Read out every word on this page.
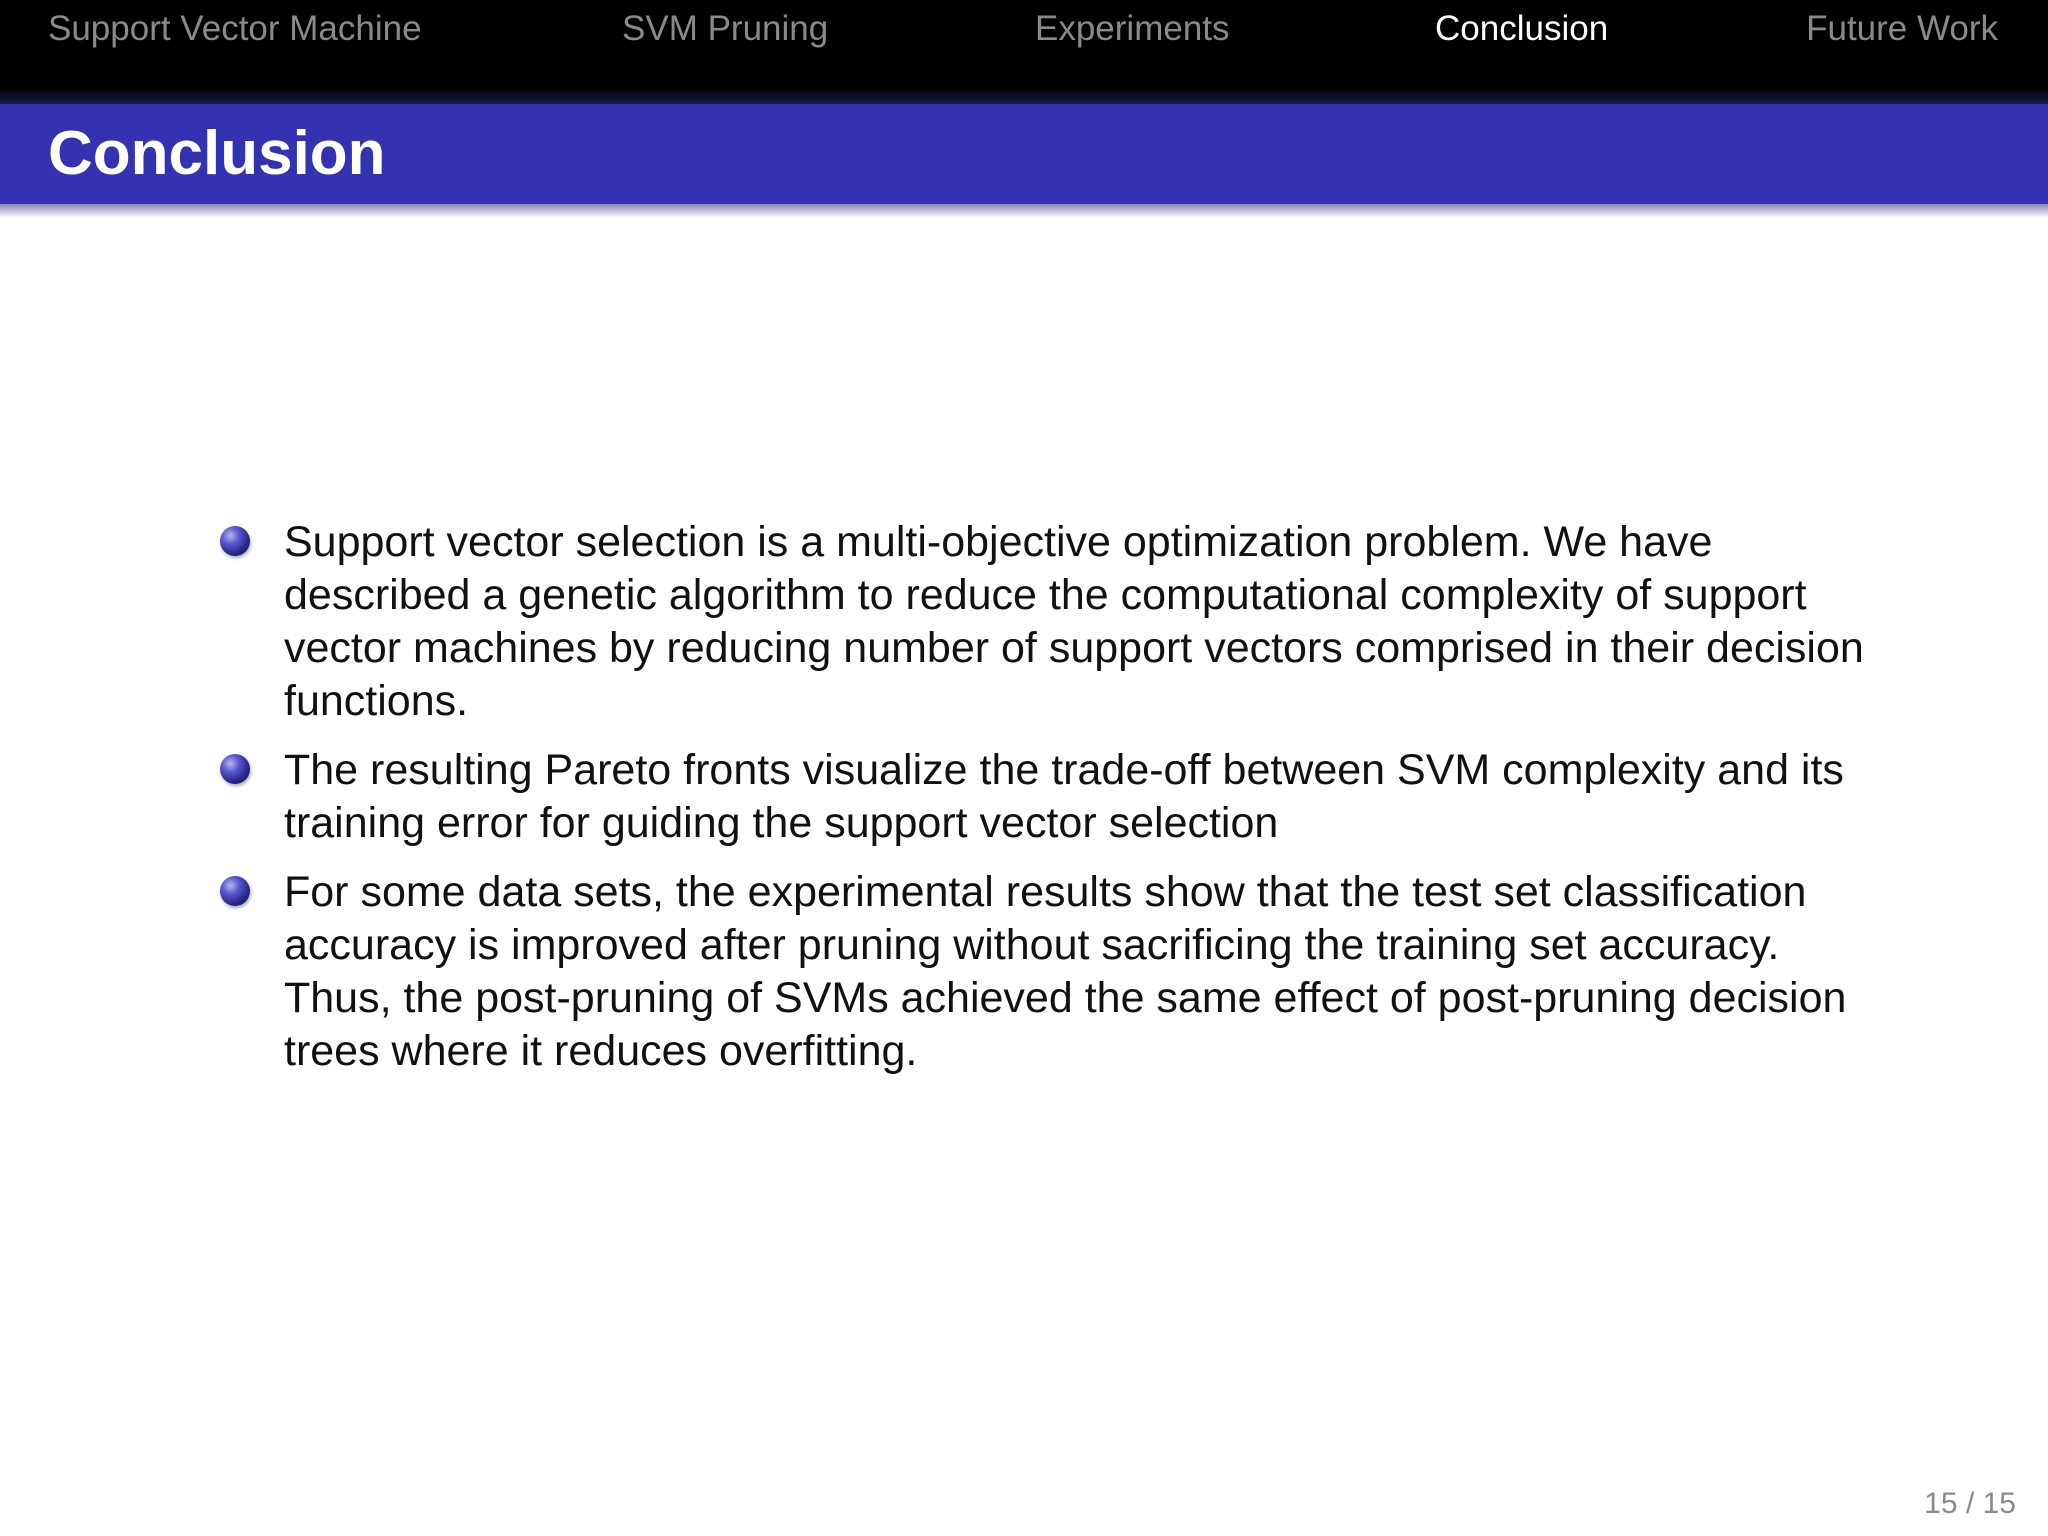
Support Vector Machine	SVM Pruning	Experiments	Conclusion	Future Work
Conclusion
Support vector selection is a multi-objective optimization problem. We have described a genetic algorithm to reduce the computational complexity of support vector machines by reducing number of support vectors comprised in their decision functions.
The resulting Pareto fronts visualize the trade-off between SVM complexity and its training error for guiding the support vector selection
For some data sets, the experimental results show that the test set classification accuracy is improved after pruning without sacrificing the training set accuracy. Thus, the post-pruning of SVMs achieved the same effect of post-pruning decision trees where it reduces overfitting.
15 / 15
